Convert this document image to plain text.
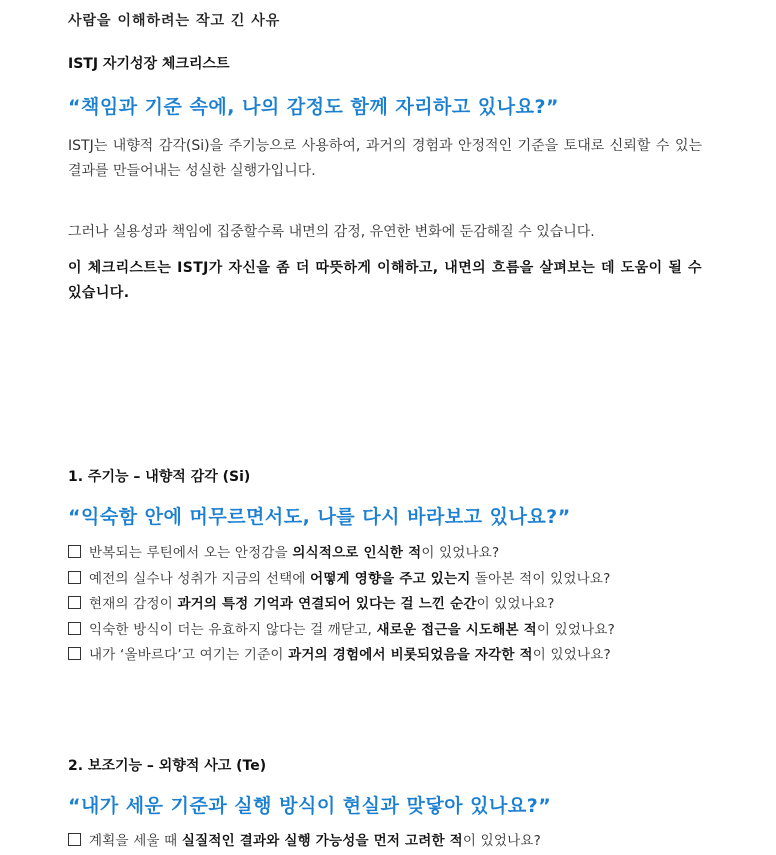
사람을 이해하려는 작고 긴 사유
ISTJ 자기성장 체크리스트
“책임과 기준 속에, 나의 감정도 함께 자리하고 있나요?”
ISTJ는 내향적 감각(Si)을 주기능으로 사용하여, 과거의 경험과 안정적인 기준을 토대로 신뢰할 수 있는 결과를 만들어내는 성실한 실행가입니다.
그러나 실용성과 책임에 집중할수록 내면의 감정, 유연한 변화에 둔감해질 수 있습니다.
이 체크리스트는 ISTJ가 자신을 좀 더 따뜻하게 이해하고, 내면의 흐름을 살펴보는 데 도움이 될 수 있습니다.
1. 주기능 – 내향적 감각 (Si)
“익숙함 안에 머무르면서도, 나를 다시 바라보고 있나요?”
반복되는 루틴에서 오는 안정감을 의식적으로 인식한 적이 있었나요?
예전의 실수나 성취가 지금의 선택에 어떻게 영향을 주고 있는지 돌아본 적이 있었나요?
현재의 감정이 과거의 특정 기억과 연결되어 있다는 걸 느낀 순간이 있었나요?
익숙한 방식이 더는 유효하지 않다는 걸 깨닫고, 새로운 접근을 시도해본 적이 있었나요?
내가 ‘올바르다’고 여기는 기준이 과거의 경험에서 비롯되었음을 자각한 적이 있었나요?
2. 보조기능 – 외향적 사고 (Te)
“내가 세운 기준과 실행 방식이 현실과 맞닿아 있나요?”
계획을 세울 때 실질적인 결과와 실행 가능성을 먼저 고려한 적이 있었나요?
